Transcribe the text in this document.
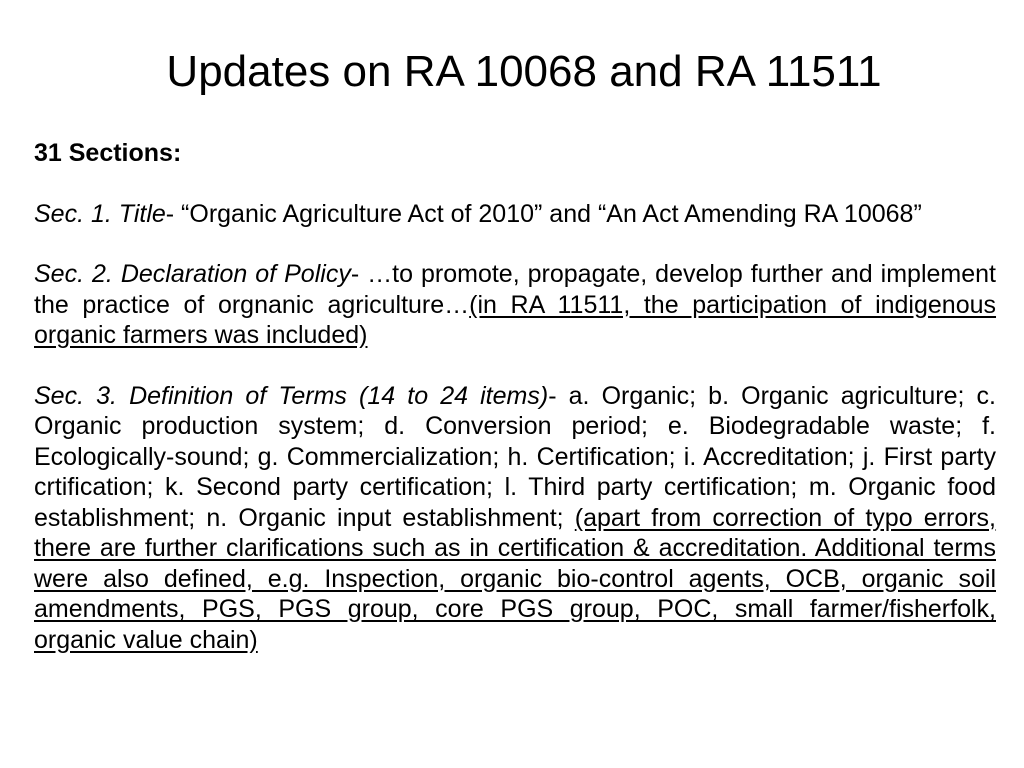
Updates on RA 10068 and RA 11511

31 Sections:

Sec. 1. Title- “Organic Agriculture Act of 2010” and “An Act Amending RA 10068”

Sec. 2. Declaration of Policy- …to promote, propagate, develop further and implement the practice of orgnanic agriculture…(in RA 11511, the participation of indigenous organic farmers was included)

Sec. 3. Definition of Terms (14 to 24 items)- a. Organic; b. Organic agriculture; c. Organic production system; d. Conversion period; e. Biodegradable waste; f. Ecologically-sound; g. Commercialization; h. Certification; i. Accreditation; j. First party crtification; k. Second party certification; l. Third party certification; m. Organic food establishment; n. Organic input establishment; (apart from correction of typo errors, there are further clarifications such as in certification & accreditation. Additional terms were also defined, e.g. Inspection, organic bio-control agents, OCB, organic soil amendments, PGS, PGS group, core PGS group, POC, small farmer/fisherfolk, organic value chain)
